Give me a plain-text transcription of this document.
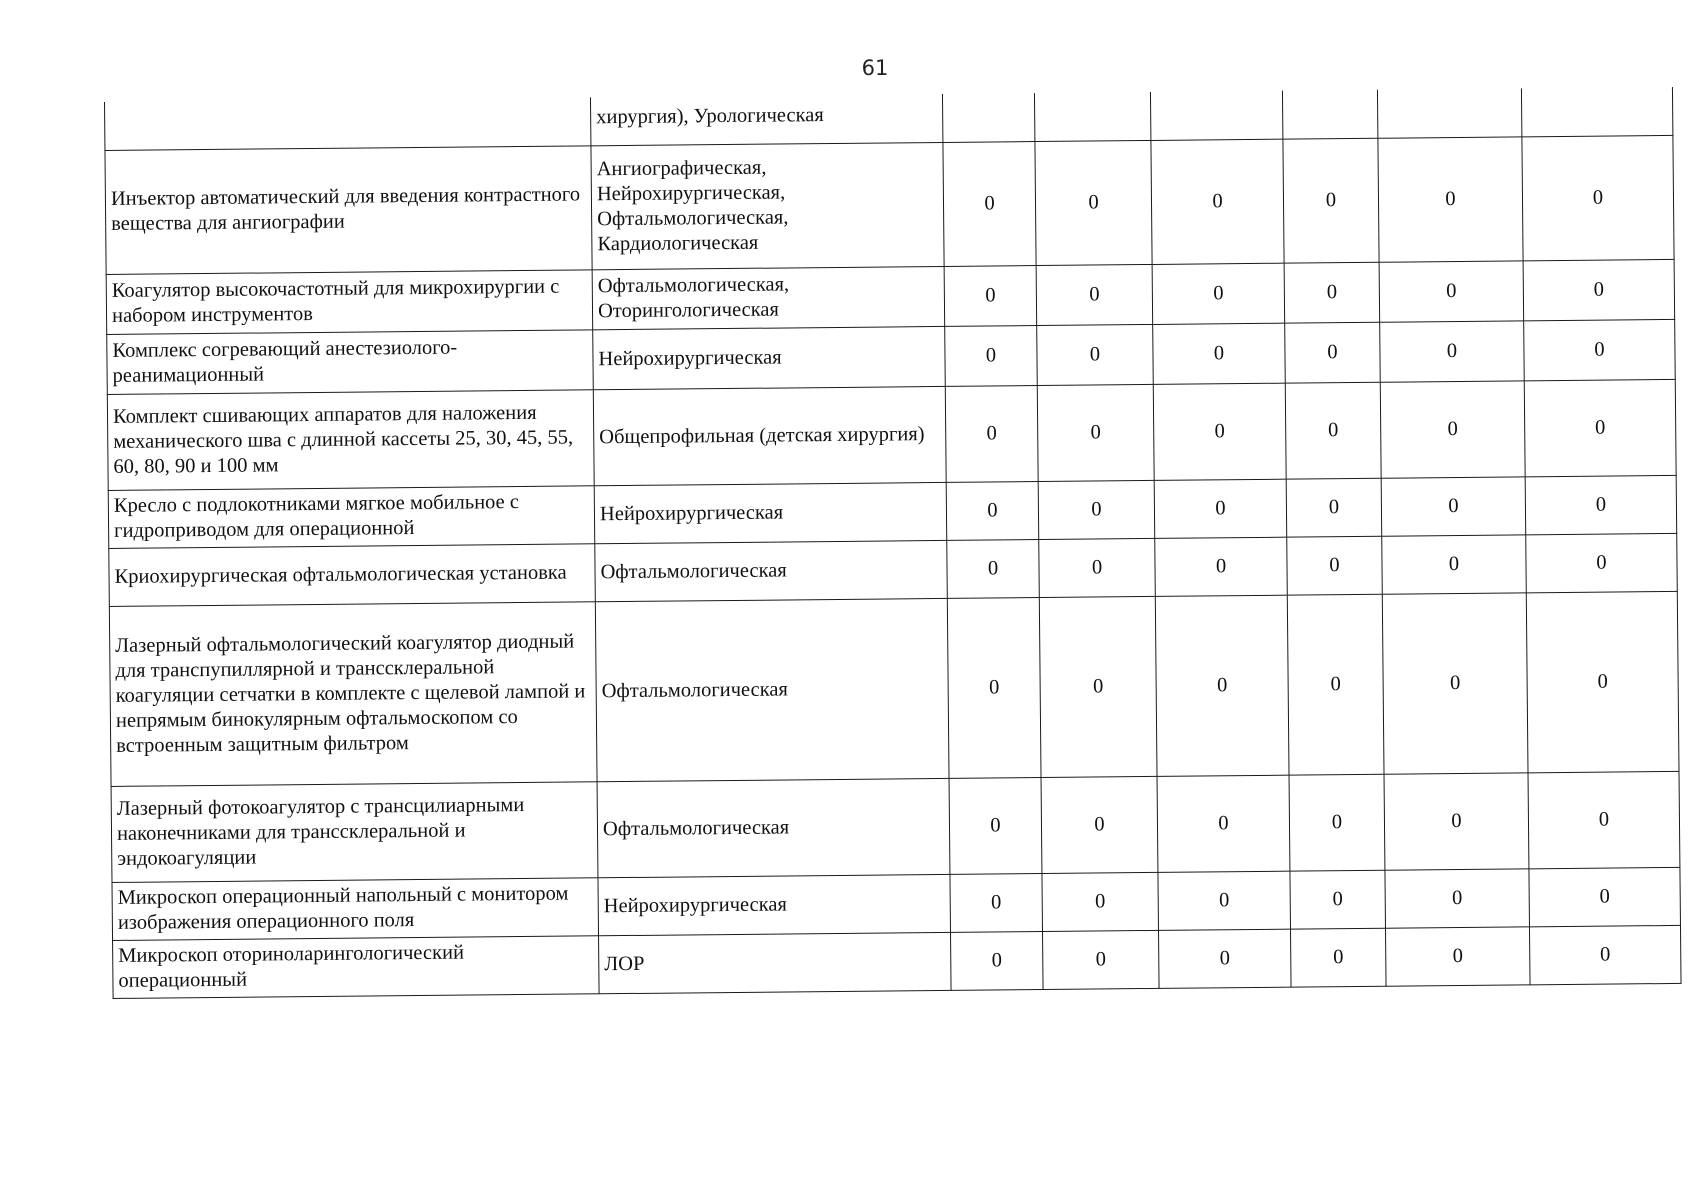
61
	хирургия), Урологическая						
Инъектор автоматический для введения контрастного вещества для ангиографии	Ангиографическая, Нейрохирургическая, Офтальмологическая, Кардиологическая	0	0	0	0	0	0
Коагулятор высокочастотный для микрохирургии с набором инструментов	Офтальмологическая, Оторингологическая	0	0	0	0	0	0
Комплекс согревающий анестезиолого-реанимационный	Нейрохирургическая	0	0	0	0	0	0
Комплект сшивающих аппаратов для наложения механического шва с длинной кассеты 25, 30, 45, 55, 60, 80, 90 и 100 мм	Общепрофильная (детская хирургия)	0	0	0	0	0	0
Кресло с подлокотниками мягкое мобильное с гидроприводом для операционной	Нейрохирургическая	0	0	0	0	0	0
Криохирургическая офтальмологическая установка	Офтальмологическая	0	0	0	0	0	0
Лазерный офтальмологический коагулятор диодный для транспупиллярной и транссклеральной коагуляции сетчатки в комплекте с щелевой лампой и непрямым бинокулярным офтальмоскопом со встроенным защитным фильтром	Офтальмологическая	0	0	0	0	0	0
Лазерный фотокоагулятор с трансцилиарными наконечниками для транссклеральной и эндокоагуляции	Офтальмологическая	0	0	0	0	0	0
Микроскоп операционный напольный с монитором изображения операционного поля	Нейрохирургическая	0	0	0	0	0	0
Микроскоп оториноларингологический операционный	ЛОР	0	0	0	0	0	0
